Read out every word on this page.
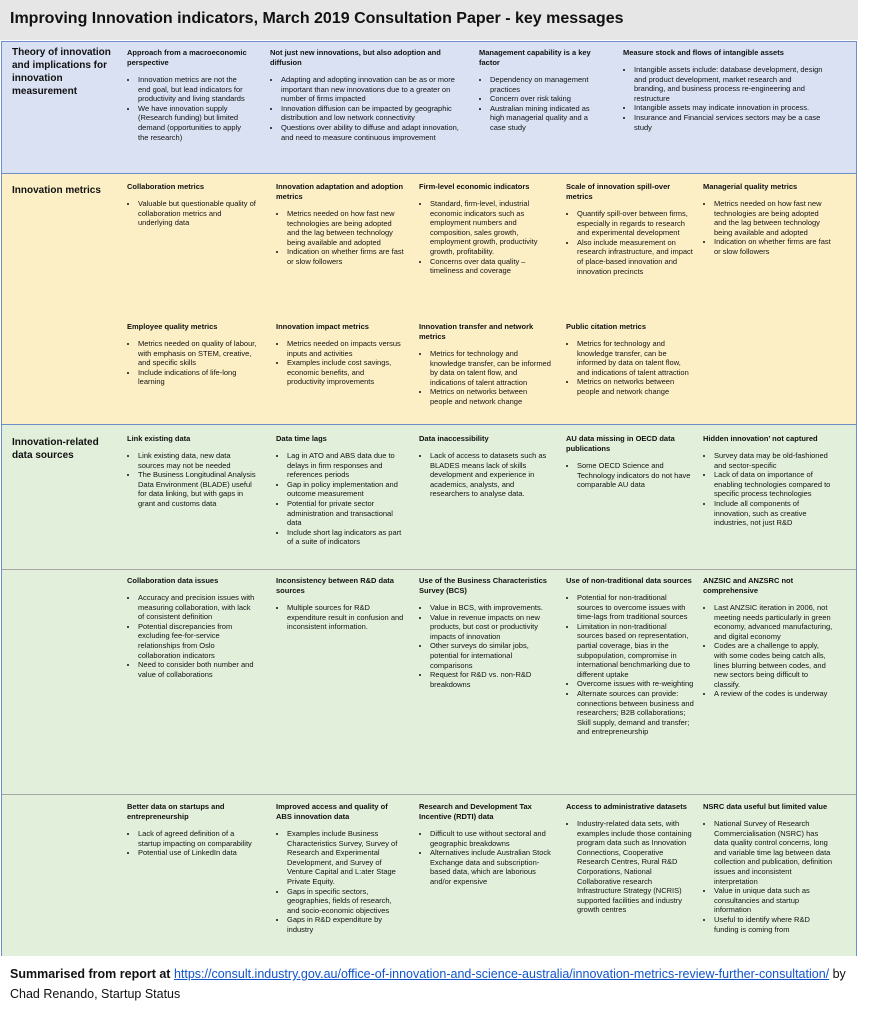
Improving Innovation indicators, March 2019 Consultation Paper - key messages
Theory of innovation and implications for innovation measurement
Approach from a macroeconomic perspective
• Innovation metrics are not the end goal, but lead indicators for productivity and living standards
• We have innovation supply (Research funding) but limited demand (opportunities to apply the research)
Not just new innovations, but also adoption and diffusion
• Adapting and adopting innovation can be as or more important than new innovations due to a greater on number of firms impacted
• Innovation diffusion can be impacted by geographic distribution and low network connectivity
• Questions over ability to diffuse and adapt innovation, and need to measure continuous improvement
Management capability is a key factor
• Dependency on management practices
• Concern over risk taking
• Australian mining indicated as high managerial quality and a case study
Measure stock and flows of intangible assets
• Intangible assets include: database development, design and product development, market research and branding, and business process re-engineering and restructure
• Intangible assets may indicate innovation in process.
• Insurance and Financial services sectors may be a case study
Innovation metrics	Collaboration metrics
• Valuable but questionable quality of collaboration metrics and underlying data
Innovation adaptation and adoption metrics
• Metrics needed on how fast new technologies are being adopted and the lag between technology being available and adopted
• Indication on whether firms are fast or slow followers
Firm-level economic indicators
• Standard, firm-level, industrial economic indicators such as employment numbers and composition, sales growth, employment growth, productivity growth, profitability.
• Concerns over data quality – timeliness and coverage
Scale of innovation spill-over metrics
• Quantify spill-over between firms, especially in regards to research and experimental development
• Also include measurement on research infrastructure, and impact of place-based innovation and innovation precincts
Managerial quality metrics
• Metrics needed on how fast new technologies are being adopted and the lag between technology being available and adopted
• Indication on whether firms are fast or slow followers
Employee quality metrics
• Metrics needed on quality of labour, with emphasis on STEM, creative, and specific skills
• Include indications of life-long learning
Innovation impact metrics
• Metrics needed on impacts versus inputs and activities
• Examples include cost savings, economic benefits, and productivity improvements
Innovation transfer and network metrics
• Metrics for technology and knowledge transfer, can be informed by data on talent flow, and indications of talent attraction
• Metrics on networks between people and network change
Public citation metrics
• Metrics for technology and knowledge transfer, can be informed by data on talent flow, and indications of talent attraction
• Metrics on networks between people and network change
Innovation-related data sources
Link existing data
• Link existing data, new data sources may not be needed
• The Business Longitudinal Analysis Data Environment (BLADE) useful for data linking, but with gaps in grant and customs data
Data time lags
• Lag in ATO and ABS data due to delays in firm responses and references periods
• Gap in policy implementation and outcome measurement
• Potential for private sector administration and transactional data
• Include short lag indicators as part of a suite of indicators
Data inaccessibility
• Lack of access to datasets such as BLADES means lack of skills development and experience in academics, analysts, and researchers to analyse data.
AU data missing in OECD data publications
• Some OECD Science and Technology indicators do not have comparable AU data
Hidden innovation’ not captured
• Survey data may be old-fashioned and sector-specific
• Lack of data on importance of enabling technologies compared to specific process technologies
• Include all components of innovation, such as creative industries, not just R&D
Collaboration data issues
• Accuracy and precision issues with measuring collaboration, with lack of consistent definition
• Potential discrepancies from excluding fee-for-service relationships from Oslo collaboration indicators
• Need to consider both number and value of collaborations
Inconsistency between R&D data sources
• Multiple sources for R&D expenditure result in confusion and inconsistent information.
Use of the Business Characteristics Survey (BCS)
• Value in BCS, with improvements.
• Value in revenue impacts on new products, but cost or productivity impacts of innovation
• Other surveys do similar jobs, potential for international comparisons
• Request for R&D vs. non-R&D breakdowns
Use of non-traditional data sources
• Potential for non-traditional sources to overcome issues with time-lags from traditional sources
• Limitation in non-traditional sources based on representation, partial coverage, bias in the subpopulation, compromise in international benchmarking due to different uptake
• Overcome issues with re-weighting
• Alternate sources can provide: connections between business and researchers; B2B collaborations; Skill supply, demand and transfer; and entrepreneurship
ANZSIC and ANZSRC not comprehensive
• Last ANZSIC iteration in 2006, not meeting needs particularly in green economy, advanced manufacturing, and digital economy
• Codes are a challenge to apply, with some codes being catch alls, lines blurring between codes, and new sectors being difficult to classify.
• A review of the codes is underway
Better data on startups and entrepreneurship
• Lack of agreed definition of a startup impacting on comparability
• Potential use of LinkedIn data
Improved access and quality of ABS innovation data
• Examples include Business Characteristics Survey, Survey of Research and Experimental Development, and Survey of Venture Capital and L:ater Stage Private Equity.
• Gaps in specific sectors, geographies, fields of research, and socio-economic objectives
• Gaps in R&D expenditure by industry
Research and Development Tax Incentive (RDTI) data
• Difficult to use without sectoral and geographic breakdowns
• Alternatives include Australian Stock Exchange data and subscription-based data, which are laborious and/or expensive
Access to administrative datasets
• Industry-related data sets, with examples include those containing program data such as Innovation Connections, Cooperative Research Centres, Rural R&D Corporations, National Collaborative research Infrastructure Strategy (NCRIS) supported facilities and industry growth centres
NSRC data useful but limited value
• National Survey of Research Commercialisation (NSRC) has data quality control concerns, long and variable time lag between data collection and publication, definition issues and inconsistent interpretation
• Value in unique data such as consultancies and startup information
• Useful to identify where R&D funding is coming from
Summarised from report at https://consult.industry.gov.au/office-of-innovation-and-science-australia/innovation-metrics-review-further-consultation/ by Chad Renando, Startup Status
